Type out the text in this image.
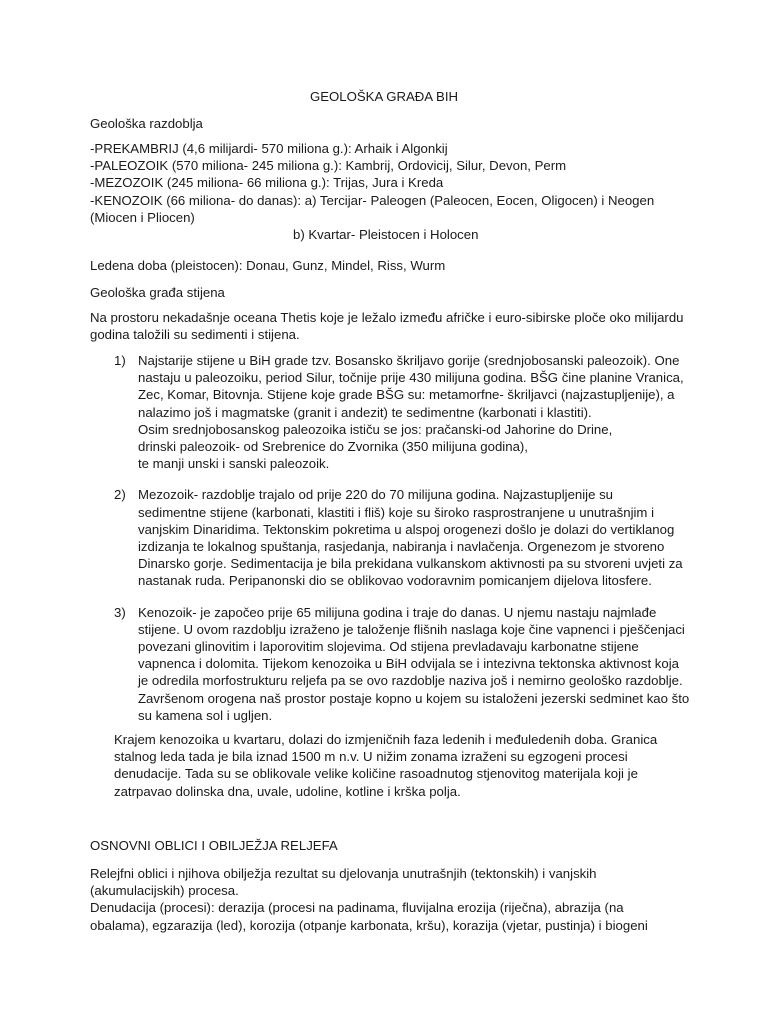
GEOLOŠKA GRAĐA BIH
Geološka razdoblja
-PREKAMBRIJ (4,6 milijardi- 570 miliona g.): Arhaik i Algonkij
-PALEOZOIK (570 miliona- 245 miliona g.): Kambrij, Ordovicij, Silur, Devon, Perm
-MEZOZOIK (245 miliona- 66 miliona g.): Trijas, Jura i Kreda
-KENOZOIK (66 miliona- do danas): a) Tercijar- Paleogen (Paleocen, Eocen, Oligocen) i Neogen
(Miocen i Pliocen)
b) Kvartar- Pleistocen i Holocen
Ledena doba (pleistocen): Donau, Gunz, Mindel, Riss, Wurm
Geološka građa stijena
Na prostoru nekadašnje oceana Thetis koje je ležalo između afričke i euro-sibirske ploče oko milijardu
godina taložili su sedimenti i stijena.
1) Najstarije stijene u BiH grade tzv. Bosansko škriljavo gorije (srednjobosanski paleozoik). One
nastaju u paleozoiku, period Silur, točnije prije 430 milijuna godina. BŠG čine planine Vranica,
Zec, Komar, Bitovnja. Stijene koje grade BŠG su: metamorfne- škriljavci (najzastupljenije), a
nalazimo još i magmatske (granit i andezit) te sedimentne (karbonati i klastiti).
Osim srednjobosanskog paleozoika ističu se jos: pračanski-od Jahorine do Drine,
drinski paleozoik- od Srebrenice do Zvornika (350 milijuna godina),
te manji unski i sanski paleozoik.
2) Mezozoik- razdoblje trajalo od prije 220 do 70 milijuna godina. Najzastupljenije su
sedimentne stijene (karbonati, klastiti i fliš) koje su široko rasprostranjene u unutrašnjim i
vanjskim Dinaridima. Tektonskim pokretima u alspoj orogenezi došlo je dolazi do vertiklanog
izdizanja te lokalnog spuštanja, rasjedanja, nabiranja i navlačenja. Orgenezom je stvoreno
Dinarsko gorje. Sedimentacija je bila prekidana vulkanskom aktivnosti pa su stvoreni uvjeti za
nastanak ruda. Peripanonski dio se oblikovao vodoravnim pomicanjem dijelova litosfere.
3) Kenozoik- je započeo prije 65 milijuna godina i traje do danas. U njemu nastaju najmlađe
stijene. U ovom razdoblju izraženo je taloženje flišnih naslaga koje čine vapnenci i pješčenjaci
povezani glinovitim i laporovitim slojevima. Od stijena prevladavaju karbonatne stijene
vapnenca i dolomita. Tijekom kenozoika u BiH odvijala se i intezivna tektonska aktivnost koja
je odredila morfostrukturu reljefa pa se ovo razdoblje naziva još i nemirno geološko razdoblje.
Završenom orogena naš prostor postaje kopno u kojem su istaloženi jezerski sedminet kao što
su kamena sol i ugljen.
Krajem kenozoika u kvartaru, dolazi do izmjeničnih faza ledenih i međuledenih doba. Granica
stalnog leda tada je bila iznad 1500 m n.v. U nižim zonama izraženi su egzogeni procesi
denudacije. Tada su se oblikovale velike količine rasoadnutog stjenovitog materijala koji je
zatrpavao dolinska dna, uvale, udoline, kotline i krška polja.
OSNOVNI OBLICI I OBILJEŽJA RELJEFA
Relejfni oblici i njihova obilježja rezultat su djelovanja unutrašnjih (tektonskih) i vanjskih
(akumulacijskih) procesa.
Denudacija (procesi): derazija (procesi na padinama, fluvijalna erozija (riječna), abrazija (na
obalama), egzarazija (led), korozija (otpanje karbonata, kršu), korazija (vjetar, pustinja) i biogeni
